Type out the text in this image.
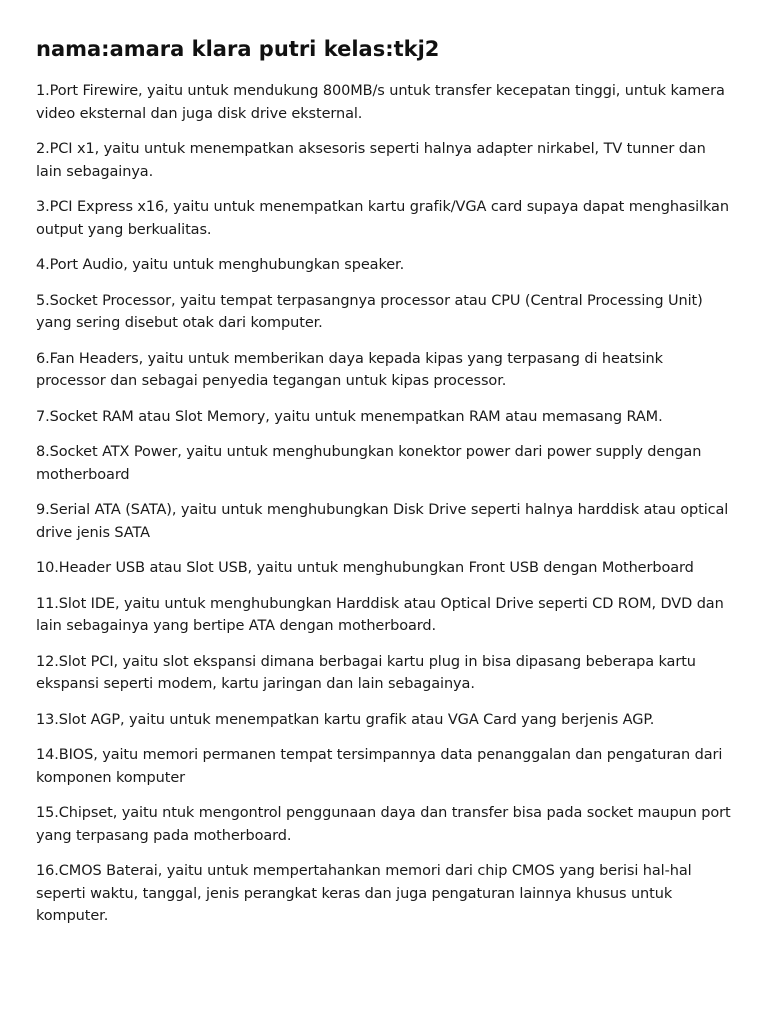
nama:amara klara putri kelas:tkj2

1.Port Firewire, yaitu untuk mendukung 800MB/s untuk transfer kecepatan tinggi, untuk kamera video eksternal dan juga disk drive eksternal.

2.PCI x1, yaitu untuk menempatkan aksesoris seperti halnya adapter nirkabel, TV tunner dan lain sebagainya.

3.PCI Express x16, yaitu untuk menempatkan kartu grafik/VGA card supaya dapat menghasilkan output yang berkualitas.

4.Port Audio, yaitu untuk menghubungkan speaker.

5.Socket Processor, yaitu tempat terpasangnya processor atau CPU (Central Processing Unit) yang sering disebut otak dari komputer.

6.Fan Headers, yaitu untuk memberikan daya kepada kipas yang terpasang di heatsink processor dan sebagai penyedia tegangan untuk kipas processor.

7.Socket RAM atau Slot Memory, yaitu untuk menempatkan RAM atau memasang RAM.

8.Socket ATX Power, yaitu untuk menghubungkan konektor power dari power supply dengan motherboard

9.Serial ATA (SATA), yaitu untuk menghubungkan Disk Drive seperti halnya harddisk atau optical drive jenis SATA

10.Header USB atau Slot USB, yaitu untuk menghubungkan Front USB dengan Motherboard

11.Slot IDE, yaitu untuk menghubungkan Harddisk atau Optical Drive seperti CD ROM, DVD dan lain sebagainya yang bertipe ATA dengan motherboard.

12.Slot PCI, yaitu slot ekspansi dimana berbagai kartu plug in bisa dipasang beberapa kartu ekspansi seperti modem, kartu jaringan dan lain sebagainya.

13.Slot AGP, yaitu untuk menempatkan kartu grafik atau VGA Card yang berjenis AGP.

14.BIOS, yaitu memori permanen tempat tersimpannya data penanggalan dan pengaturan dari komponen komputer

15.Chipset, yaitu ntuk mengontrol penggunaan daya dan transfer bisa pada socket maupun port yang terpasang pada motherboard.

16.CMOS Baterai, yaitu untuk mempertahankan memori dari chip CMOS yang berisi hal-hal seperti waktu, tanggal, jenis perangkat keras dan juga pengaturan lainnya khusus untuk komputer.
